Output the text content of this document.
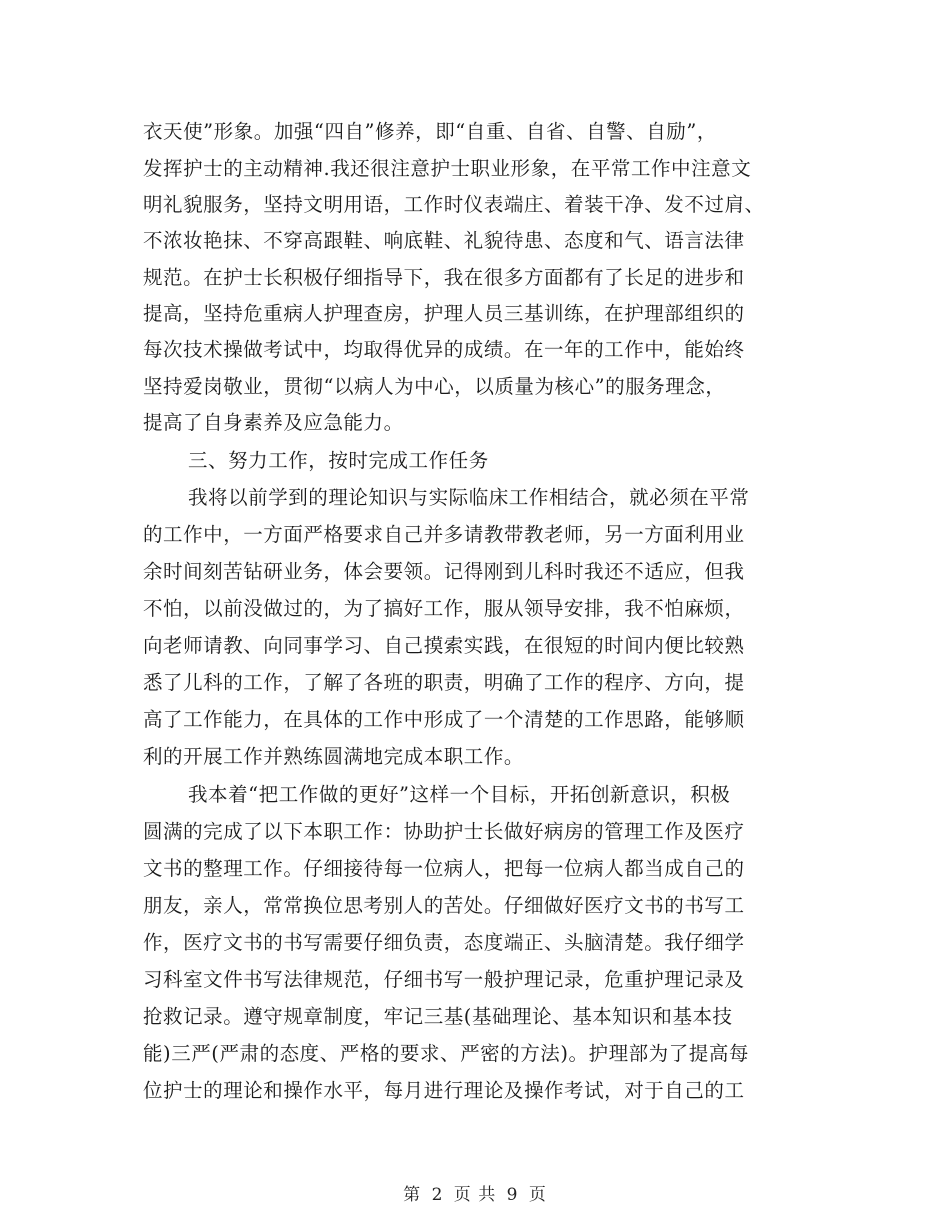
衣天使”形象。加强“四自”修养，即“自重、自省、自警、自励”，
发挥护士的主动精神.我还很注意护士职业形象，在平常工作中注意文
明礼貌服务，坚持文明用语，工作时仪表端庄、着装干净、发不过肩、
不浓妆艳抹、不穿高跟鞋、响底鞋、礼貌待患、态度和气、语言法律
规范。在护士长积极仔细指导下，我在很多方面都有了长足的进步和
提高，坚持危重病人护理查房，护理人员三基训练，在护理部组织的
每次技术操做考试中，均取得优异的成绩。在一年的工作中，能始终
坚持爱岗敬业，贯彻“以病人为中心，以质量为核心”的服务理念，
提高了自身素养及应急能力。
三、努力工作，按时完成工作任务
我将以前学到的理论知识与实际临床工作相结合，就必须在平常
的工作中，一方面严格要求自己并多请教带教老师，另一方面利用业
余时间刻苦钻研业务，体会要领。记得刚到儿科时我还不适应，但我
不怕，以前没做过的，为了搞好工作，服从领导安排，我不怕麻烦，
向老师请教、向同事学习、自己摸索实践，在很短的时间内便比较熟
悉了儿科的工作，了解了各班的职责，明确了工作的程序、方向，提
高了工作能力，在具体的工作中形成了一个清楚的工作思路，能够顺
利的开展工作并熟练圆满地完成本职工作。
我本着“把工作做的更好”这样一个目标，开拓创新意识，积极
圆满的完成了以下本职工作：协助护士长做好病房的管理工作及医疗
文书的整理工作。仔细接待每一位病人，把每一位病人都当成自己的
朋友，亲人，常常换位思考别人的苦处。仔细做好医疗文书的书写工
作，医疗文书的书写需要仔细负责，态度端正、头脑清楚。我仔细学
习科室文件书写法律规范，仔细书写一般护理记录，危重护理记录及
抢救记录。遵守规章制度，牢记三基(基础理论、基本知识和基本技
能)三严(严肃的态度、严格的要求、严密的方法)。护理部为了提高每
位护士的理论和操作水平，每月进行理论及操作考试，对于自己的工
第 2 页 共 9 页
